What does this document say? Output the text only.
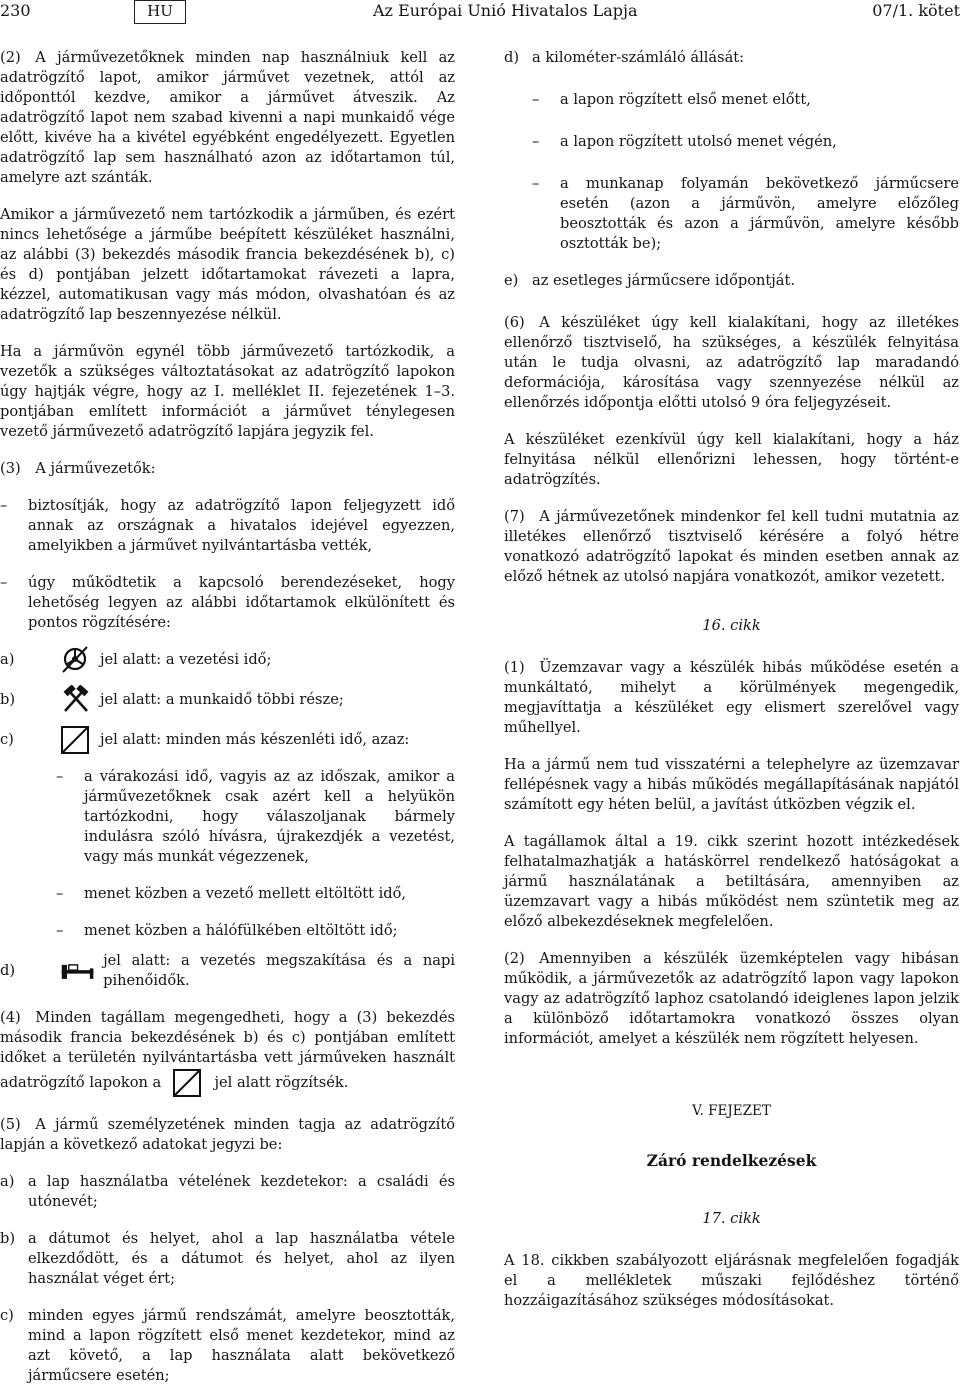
230	HU	Az Európai Unió Hivatalos Lapja	07/1. kötet

(2) A járművezetőknek minden nap használniuk kell az adatrögzítő lapot, amikor járművet vezetnek, attól az időponttól kezdve, amikor a járművet átveszik. Az adatrögzítő lapot nem szabad kivenni a napi munkaidő vége előtt, kivéve ha a kivétel egyébként engedélyezett. Egyetlen adatrögzítő lap sem használható azon az időtartamon túl, amelyre azt szánták.

Amikor a járművezető nem tartózkodik a járműben, és ezért nincs lehetősége a járműbe beépített készüléket használni, az alábbi (3) bekezdés második francia bekezdésének b), c) és d) pontjában jelzett időtartamokat rávezeti a lapra, kézzel, automatikusan vagy más módon, olvashatóan és az adatrögzítő lap beszennyezése nélkül.

Ha a járművön egynél több járművezető tartózkodik, a vezetők a szükséges változtatásokat az adatrögzítő lapokon úgy hajtják végre, hogy az I. melléklet II. fejezetének 1–3. pontjában említett információt a járművet ténylegesen vezető járművezető adatrögzítő lapjára jegyzik fel.

(3) A járművezetők:

–	biztosítják, hogy az adatrögzítő lapon feljegyzett idő annak az országnak a hivatalos idejével egyezzen, amelyikben a járművet nyilvántartásba vették,
–	úgy működtetik a kapcsoló berendezéseket, hogy lehetőség legyen az alábbi időtartamok elkülönített és pontos rögzítésére:
a)	jel alatt: a vezetési idő;
b)	jel alatt: a munkaidő többi része;
c)	jel alatt: minden más készenléti idő, azaz:
–	a várakozási idő, vagyis az az időszak, amikor a járművezetőknek csak azért kell a helyükön tartózkodni, hogy válaszoljanak bármely indulásra szóló hívásra, újrakezdjék a vezetést, vagy más munkát végezzenek,
–	menet közben a vezető mellett eltöltött idő,
–	menet közben a hálófülkében eltöltött idő;
d)
jel alatt: a vezetés megszakítása és a napi pihenőidők.

(4) Minden tagállam megengedheti, hogy a (3) bekezdés második francia bekezdésének b) és c) pontjában említett időket a területén nyilvántartásba vett járműveken használt adatrögzítő lapokon a	jel alatt rögzítsék.

(5) A jármű személyzetének minden tagja az adatrögzítő lapján a következő adatokat jegyzi be:

a) a lap használatba vételének kezdetekor: a családi és utónevét;
b) a dátumot és helyet, ahol a lap használatba vétele elkezdődött, és a dátumot és helyet, ahol az ilyen használat véget ért;
c) minden egyes jármű rendszámát, amelyre beosztották, mind a lapon rögzített első menet kezdetekor, mind az azt követő, a lap használata alatt bekövetkező járműcsere esetén;
d) a kilométer-számláló állását:
–	a lapon rögzített első menet előtt,
–	a lapon rögzített utolsó menet végén,
–	a munkanap folyamán bekövetkező járműcsere esetén (azon a járművön, amelyre előzőleg beosztották és azon a járművön, amelyre később osztották be);
e) az esetleges járműcsere időpontját.

(6) A készüléket úgy kell kialakítani, hogy az illetékes ellenőrző tisztviselő, ha szükséges, a készülék felnyitása után le tudja olvasni, az adatrögzítő lap maradandó deformációja, károsítása vagy szennyezése nélkül az ellenőrzés időpontja előtti utolsó 9 óra feljegyzéseit.

A készüléket ezenkívül úgy kell kialakítani, hogy a ház felnyitása nélkül ellenőrizni lehessen, hogy történt-e adatrögzítés.

(7) A járművezetőnek mindenkor fel kell tudni mutatnia az illetékes ellenőrző tisztviselő kérésére a folyó hétre vonatkozó adatrögzítő lapokat és minden esetben annak az előző hétnek az utolsó napjára vonatkozót, amikor vezetett.

16. cikk

(1) Üzemzavar vagy a készülék hibás működése esetén a munkáltató, mihelyt a körülmények megengedik, megjavíttatja a készüléket egy elismert szerelővel vagy műhellyel.

Ha a jármű nem tud visszatérni a telephelyre az üzemzavar fellépésnek vagy a hibás működés megállapításának napjától számított egy héten belül, a javítást útközben végzik el.

A tagállamok által a 19. cikk szerint hozott intézkedések felhatalmazhatják a hatáskörrel rendelkező hatóságokat a jármű használatának a betiltására, amennyiben az üzemzavart vagy a hibás működést nem szüntetik meg az előző albekezdéseknek megfelelően.

(2) Amennyiben a készülék üzemképtelen vagy hibásan működik, a járművezetők az adatrögzítő lapon vagy lapokon vagy az adatrögzítő laphoz csatolandó ideiglenes lapon jelzik a különböző időtartamokra vonatkozó összes olyan információt, amelyet a készülék nem rögzített helyesen.

V. FEJEZET

Záró rendelkezések

17. cikk

A 18. cikkben szabályozott eljárásnak megfelelően fogadják el a mellékletek műszaki fejlődéshez történő hozzáigazításához szükséges módosításokat.
